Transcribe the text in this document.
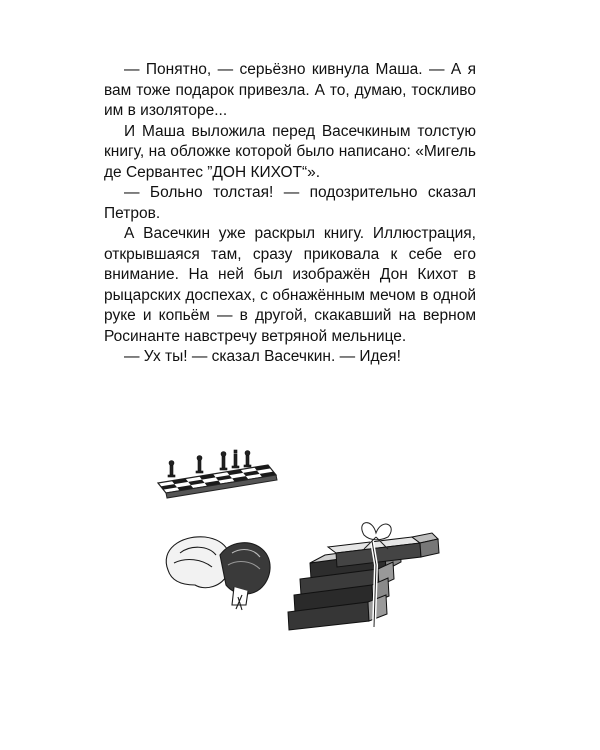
— Понятно, — серьёзно кивнула Маша. — А я вам тоже подарок привезла. А то, думаю, тоскливо им в изоляторе...

И Маша выложила перед Васечкиным толстую книгу, на обложке которой было написано: «Мигель де Сервантес ”ДОН КИХОТ“».

— Больно толстая! — подозрительно сказал Петров.

А Васечкин уже раскрыл книгу. Иллюстрация, открывшаяся там, сразу приковала к себе его внимание. На ней был изображён Дон Кихот в рыцарских доспехах, с обнажённым мечом в одной руке и копьём — в другой, скакавший на верном Росинанте навстречу ветряной мельнице.

— Ух ты! — сказал Васечкин. — Идея!
